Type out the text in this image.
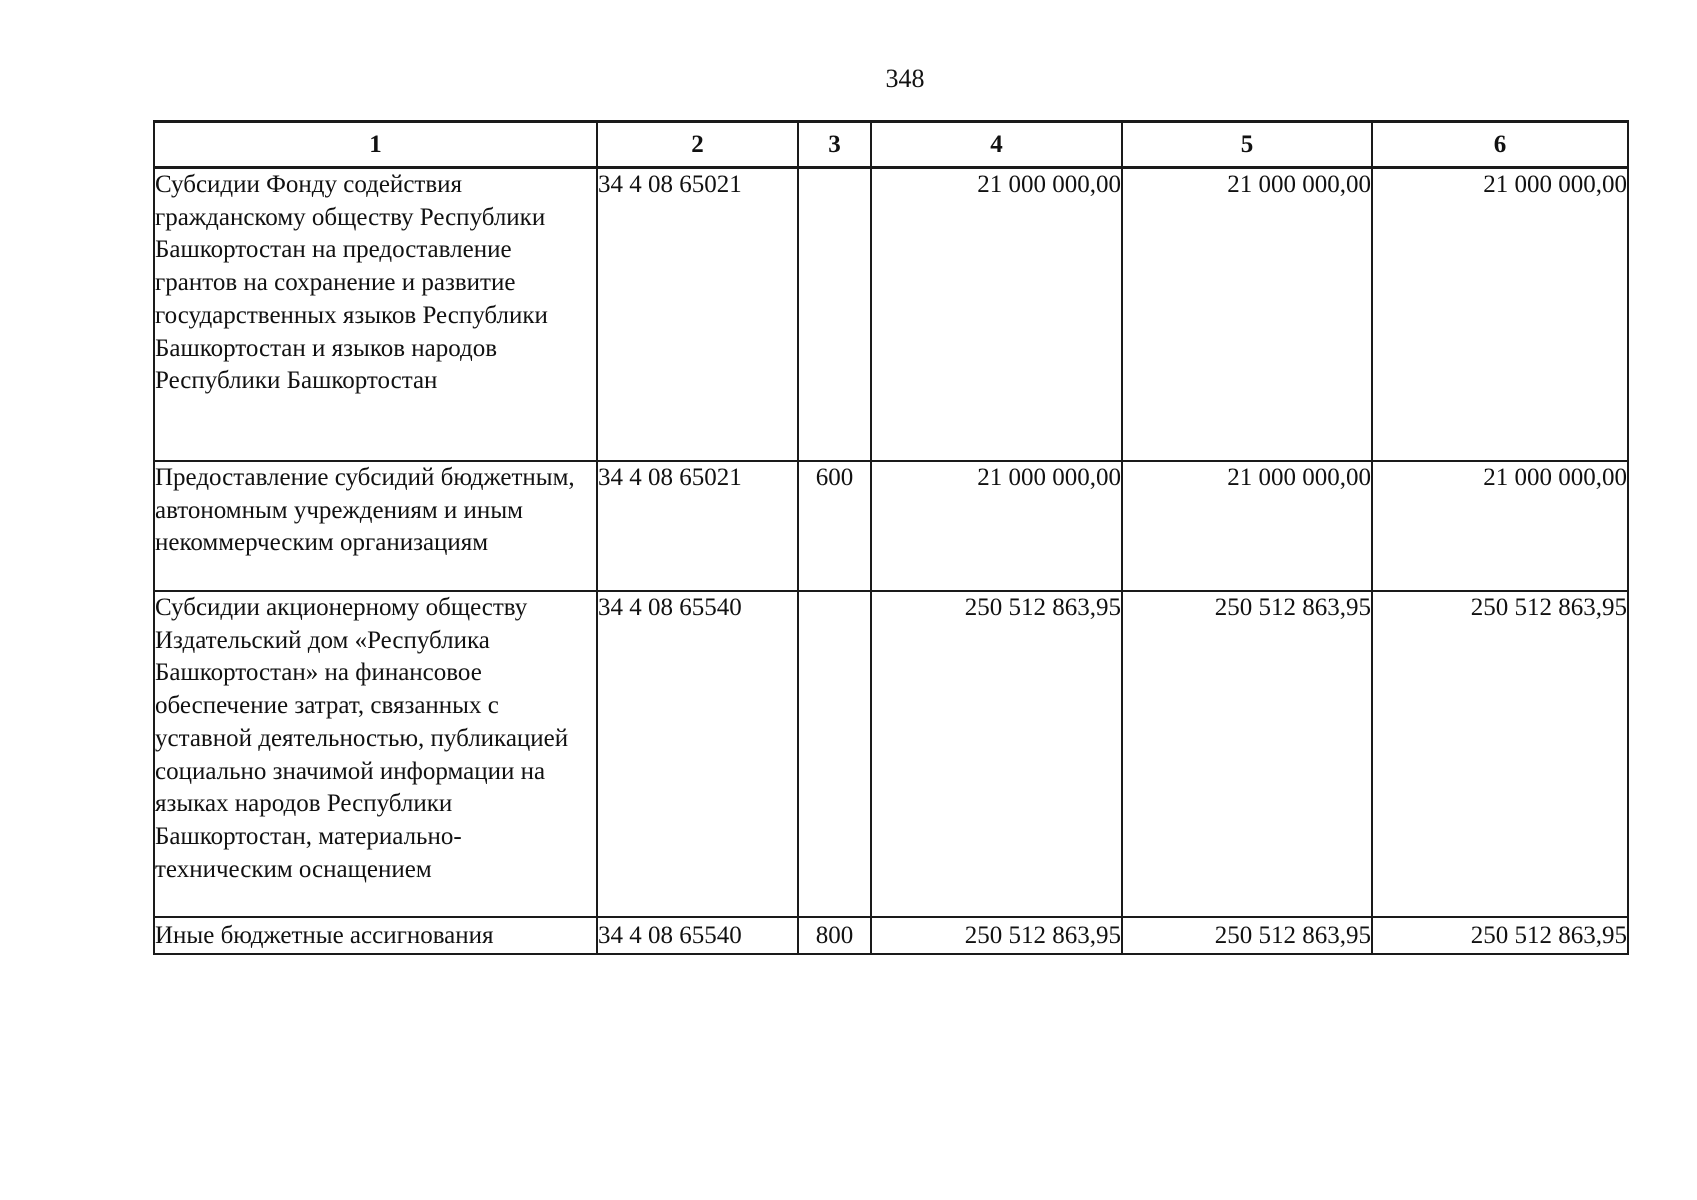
348
1	2	3	4	5	6
Субсидии Фонду содействия гражданскому обществу Республики Башкортостан на предоставление грантов на сохранение и развитие государственных языков Республики Башкортостан и языков народов Республики Башкортостан	34 4 08 65021		21 000 000,00	21 000 000,00	21 000 000,00
Предоставление субсидий бюджетным, автономным учреждениям и иным некоммерческим организациям	34 4 08 65021	600	21 000 000,00	21 000 000,00	21 000 000,00
Субсидии акционерному обществу Издательский дом «Республика Башкортостан» на финансовое обеспечение затрат, связанных с уставной деятельностью, публикацией социально значимой информации на языках народов Республики Башкортостан, материально-техническим оснащением	34 4 08 65540		250 512 863,95	250 512 863,95	250 512 863,95
Иные бюджетные ассигнования	34 4 08 65540	800	250 512 863,95	250 512 863,95	250 512 863,95
